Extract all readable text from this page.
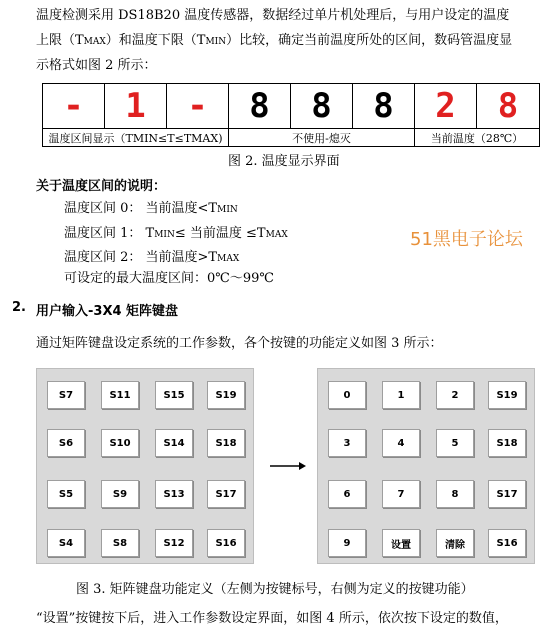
温度检测采用 DS18B20 温度传感器，数据经过单片机处理后，与用户设定的温度
上限（TMAX）和温度下限（TMIN）比较，确定当前温度所处的区间，数码管温度显
示格式如图 2 所示：
-	1	-	8	8	8	2	8
温度区间显示（TMIN≤T≤TMAX)	不使用-熄灭	当前温度（28℃）
图 2. 温度显示界面
关于温度区间的说明：
温度区间 0： 当前温度<TMIN
温度区间 1： TMIN≤ 当前温度 ≤TMAX
温度区间 2： 当前温度>TMAX
可设定的最大温度区间：0℃～99℃
51黑电子论坛
2. 用户输入-3X4 矩阵键盘
通过矩阵键盘设定系统的工作参数，各个按键的功能定义如图 3 所示：
S7	S11	S15	S19
S6	S10	S14	S18
S5	S9	S13	S17
S4	S8	S12	S16
0	1	2	S19
3	4	5	S18
6	7	8	S17
9	设置	清除	S16
图 3. 矩阵键盘功能定义（左侧为按键标号，右侧为定义的按键功能）
“设置”按键按下后，进入工作参数设定界面，如图 4 所示，依次按下设定的数值，
